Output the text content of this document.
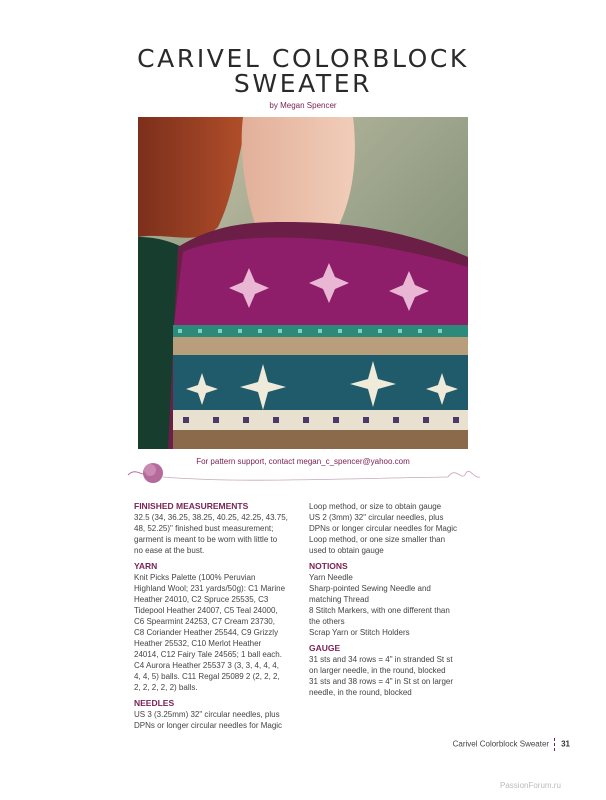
CARIVEL COLORBLOCK
SWEATER
by Megan Spencer
For pattern support, contact megan_c_spencer@yahoo.com

FINISHED MEASUREMENTS

32.5 (34, 36.25, 38.25, 40.25, 42.25, 43.75,

48, 52.25)" finished bust measurement;

garment is meant to be worn with little to

no ease at the bust.

YARN

Knit Picks Palette (100% Peruvian

Highland Wool; 231 yards/50g): C1 Marine

Heather 24010, C2 Spruce 25535, C3

Tidepool Heather 24007, C5 Teal 24000,

C6 Spearmint 24253, C7 Cream 23730,

C8 Coriander Heather 25544, C9 Grizzly

Heather 25532, C10 Merlot Heather

24014, C12 Fairy Tale 24565; 1 ball each.

C4 Aurora Heather 25537 3 (3, 3, 4, 4, 4,

4, 4, 5) balls. C11 Regal 25089 2 (2, 2, 2,

2, 2, 2, 2, 2) balls.

NEEDLES

US 3 (3.25mm) 32" circular needles, plus

DPNs or longer circular needles for Magic

Loop method, or size to obtain gauge

US 2 (3mm) 32" circular needles, plus

DPNs or longer circular needles for Magic

Loop method, or one size smaller than

used to obtain gauge

NOTIONS

Yarn Needle

Sharp-pointed Sewing Needle and

matching Thread

8 Stitch Markers, with one different than

the others

Scrap Yarn or Stitch Holders

GAUGE

31 sts and 34 rows = 4" in stranded St st

on larger needle, in the round, blocked

31 sts and 38 rows = 4" in St st on larger

needle, in the round, blocked

Carivel Colorblock Sweater 31
PassionForum.ru
